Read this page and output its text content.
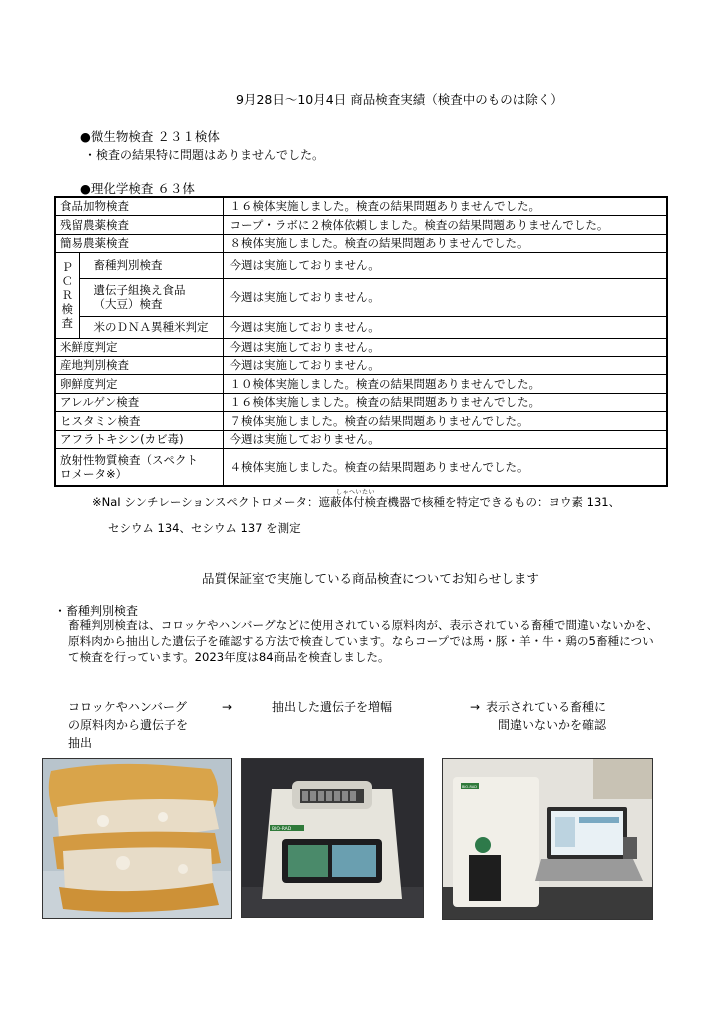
9月28日～10月4日 商品検査実績（検査中のものは除く）
●微生物検査 ２３１検体
・検査の結果特に問題はありませんでした。
●理化学検査 ６３体
食品加物検査		１６検体実施しました。検査の結果問題ありませんでした。
残留農薬検査		コープ・ラボに２検体依頼しました。検査の結果問題ありませんでした。
簡易農薬検査		８検体実施しました。検査の結果問題ありませんでした。
ＰＣＲ検査	畜種判別検査	今週は実施しておりません。
	遺伝子組換え食品
（大豆）検査	今週は実施しておりません。
	米のＤＮＡ異種米判定	今週は実施しておりません。
米鮮度判定		今週は実施しておりません。
産地判別検査		今週は実施しておりません。
卵鮮度判定		１０検体実施しました。検査の結果問題ありませんでした。
アレルゲン検査		１６検体実施しました。検査の結果問題ありませんでした。
ヒスタミン検査		７検体実施しました。検査の結果問題ありませんでした。
アフラトキシン(カビ毒)		今週は実施しておりません。
放射性物質検査（スペクト
ロメータ※）		４検体実施しました。検査の結果問題ありませんでした。
しゃへいたい
※NaI シンチレーションスペクトロメータ：遮蔽体付検査機器で核種を特定できるもの：ヨウ素 131、
セシウム 134、セシウム 137 を測定
品質保証室で実施している商品検査についてお知らせします
・畜種判別検査
畜種判別検査は、コロッケやハンバーグなどに使用されている原料肉が、表示されている畜種で間違いないかを、原料肉から抽出した遺伝子を確認する方法で検査しています。ならコープでは馬・豚・羊・牛・鶏の5畜種について検査を行っています。2023年度は84商品を検査しました。
コロッケやハンバーグ
の原料肉から遺伝子を
抽出
→	抽出した遺伝子を増幅	→ 表示されている畜種に
　間違いないかを確認
BIO-RAD
BIO-RAD
